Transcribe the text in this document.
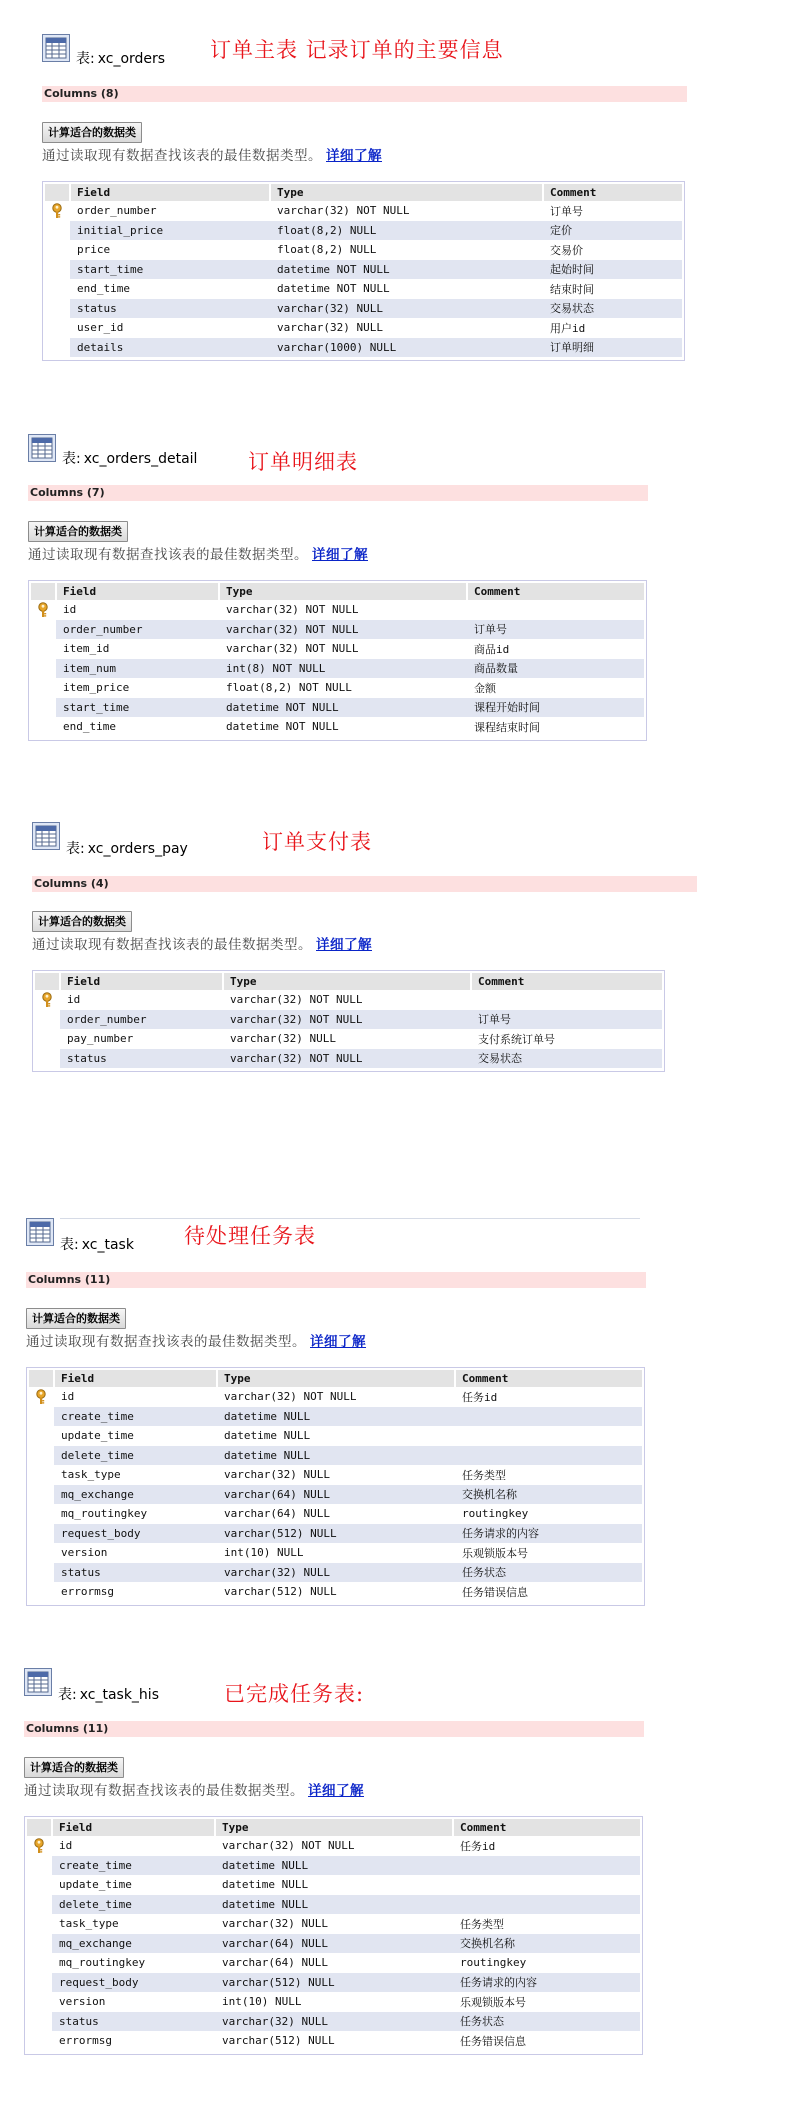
表: xc_orders 订单主表 记录订单的主要信息
Columns (8)
计算适合的数据类
通过读取现有数据查找该表的最佳数据类型。 详细了解
	Field	Type	Comment
	order_number	varchar(32) NOT NULL	订单号
	initial_price	float(8,2) NULL	定价
	price	float(8,2) NULL	交易价
	start_time	datetime NOT NULL	起始时间
	end_time	datetime NOT NULL	结束时间
	status	varchar(32) NULL	交易状态
	user_id	varchar(32) NULL	用户id
	details	varchar(1000) NULL	订单明细
表: xc_orders_detail 订单明细表
Columns (7)
计算适合的数据类
通过读取现有数据查找该表的最佳数据类型。 详细了解
	Field	Type	Comment
	id	varchar(32) NOT NULL	
	order_number	varchar(32) NOT NULL	订单号
	item_id	varchar(32) NOT NULL	商品id
	item_num	int(8) NOT NULL	商品数量
	item_price	float(8,2) NOT NULL	金额
	start_time	datetime NOT NULL	课程开始时间
	end_time	datetime NOT NULL	课程结束时间
表: xc_orders_pay	订单支付表
Columns (4)
计算适合的数据类
通过读取现有数据查找该表的最佳数据类型。 详细了解
	Field	Type	Comment
	id	varchar(32) NOT NULL	
	order_number	varchar(32) NOT NULL	订单号
	pay_number	varchar(32) NULL	支付系统订单号
	status	varchar(32) NOT NULL	交易状态
表: xc_task 待处理任务表
Columns (11)
计算适合的数据类
通过读取现有数据查找该表的最佳数据类型。 详细了解
	Field	Type	Comment
	id	varchar(32) NOT NULL	任务id
	create_time	datetime NULL	
	update_time	datetime NULL	
	delete_time	datetime NULL	
	task_type	varchar(32) NULL	任务类型
	mq_exchange	varchar(64) NULL	交换机名称
	mq_routingkey	varchar(64) NULL	routingkey
	request_body	varchar(512) NULL	任务请求的内容
	version	int(10) NULL	乐观锁版本号
	status	varchar(32) NULL	任务状态
	errormsg	varchar(512) NULL	任务错误信息
表: xc_task_his	已完成任务表:
Columns (11)
计算适合的数据类
通过读取现有数据查找该表的最佳数据类型。 详细了解
	Field	Type	Comment
	id	varchar(32) NOT NULL	任务id
	create_time	datetime NULL	
	update_time	datetime NULL	
	delete_time	datetime NULL	
	task_type	varchar(32) NULL	任务类型
	mq_exchange	varchar(64) NULL	交换机名称
	mq_routingkey	varchar(64) NULL	routingkey
	request_body	varchar(512) NULL	任务请求的内容
	version	int(10) NULL	乐观锁版本号
	status	varchar(32) NULL	任务状态
	errormsg	varchar(512) NULL	任务错误信息
